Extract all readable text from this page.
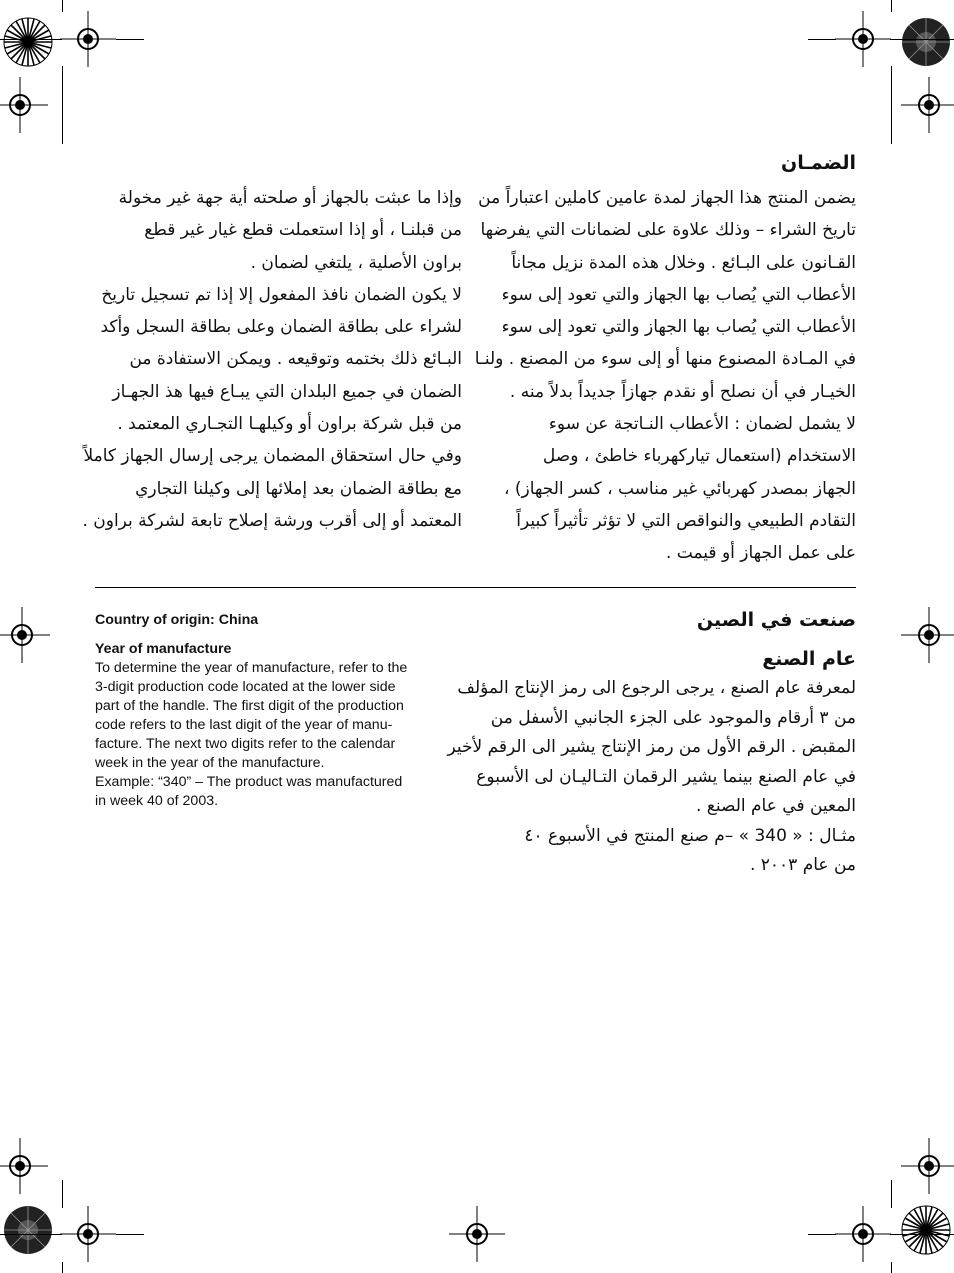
الضمـان
يضمن المنتج هذا الجهاز لمدة عامين كاملين اعتباراً من
تاريخ الشراء – وذلك علاوة على لضمانات التي يفرضها
القـانون على البـائع . وخلال هذه المدة نزيل مجاناً
الأعطاب التي يُصاب بها الجهاز والتي تعود إلى سوء
الأعطاب التي يُصاب بها الجهاز والتي تعود إلى سوء
في المـادة المصنوع منها أو إلى سوء من المصنع . ولنـا
الخيـار في أن نصلح أو نقدم جهازاً جديداً بدلاً منه .
لا يشمل لضمان : الأعطاب النـاتجة عن سوء
الاستخدام (استعمال تياركهرباء خاطئ ، وصل
الجهاز بمصدر كهربائي غير مناسب ، كسر الجهاز) ،
التقادم الطبيعي والنواقص التي لا تؤثر تأثيراً كبيراً
على عمل الجهاز أو قيمت .
وإذا ما عبثت بالجهاز أو صلحته أية جهة غير مخولة
من قبلنـا ، أو إذا استعملت قطع غيار غير قطع
براون الأصلية ، يلتغي لضمان .
لا يكون الضمان نافذ المفعول إلا إذا تم تسجيل تاريخ
لشراء على بطاقة الضمان وعلى بطاقة السجل وأكد
البـائع ذلك بختمه وتوقيعه . ويمكن الاستفادة من
الضمان في جميع البلدان التي يبـاع فيها هذ الجهـاز
من قبل شركة براون أو وكيلهـا التجـاري المعتمد .
وفي حال استحقاق المضمان يرجى إرسال الجهاز كاملاً
مع بطاقة الضمان بعد إملائها إلى وكيلنا التجاري
المعتمد أو إلى أقرب ورشة إصلاح تابعة لشركة براون .
Country of origin: China
Year of manufacture
To determine the year of manufacture, refer to the
3-digit production code located at the lower side
part of the handle. The first digit of the production
code refers to the last digit of the year of manu-
facture. The next two digits refer to the calendar
week in the year of the manufacture.
Example: “340” – The product was manufactured
in week 40 of 2003.
صنعت في الصين
عام الصنع
لمعرفة عام الصنع ، يرجى الرجوع الى رمز الإنتاج المؤلف
من ٣ أرقام والموجود على الجزء الجانبي الأسفل من
المقبض . الرقم الأول من رمز الإنتاج يشير الى الرقم لأخير
في عام الصنع بينما يشير الرقمان التـاليـان لى الأسبوع
المعين في عام الصنع .
مثـال : « 340 » –م صنع المنتج في الأسبوع ٤٠
من عام ٢٠٠٣ .
